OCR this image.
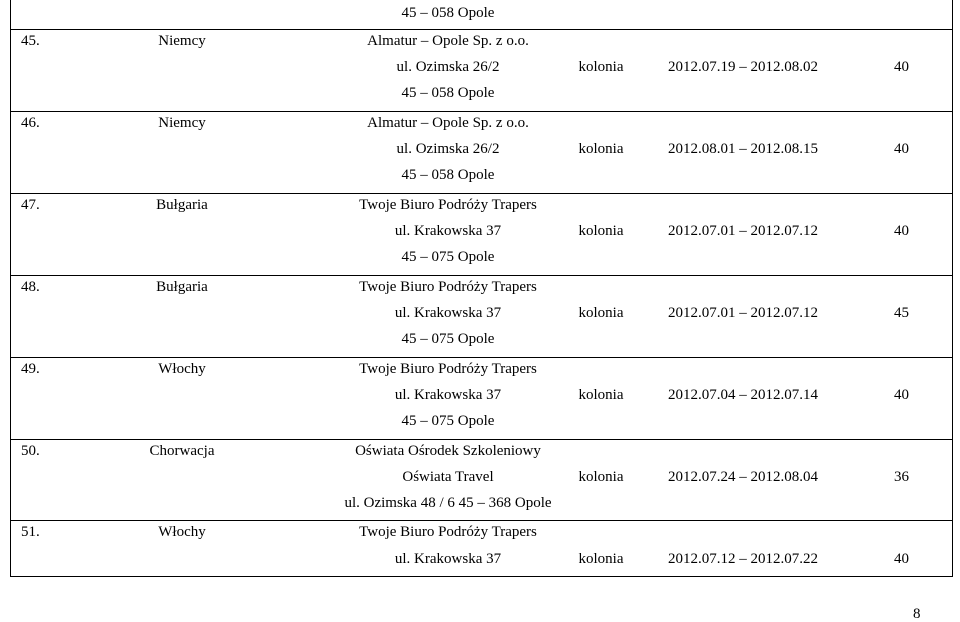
45 – 058 Opole
45.	Niemcy	Almatur – Opole Sp. z o.o.
ul. Ozimska 26/2
45 – 058 Opole
kolonia	2012.07.19 – 2012.08.02	40
46.	Niemcy	Almatur – Opole Sp. z o.o.
ul. Ozimska 26/2
45 – 058 Opole
kolonia	2012.08.01 – 2012.08.15	40
47.	Bułgaria	Twoje Biuro Podróży Trapers
ul. Krakowska 37
45 – 075 Opole
kolonia	2012.07.01 – 2012.07.12	40
48.	Bułgaria	Twoje Biuro Podróży Trapers
ul. Krakowska 37
45 – 075 Opole
kolonia	2012.07.01 – 2012.07.12	45
49.	Włochy	Twoje Biuro Podróży Trapers
ul. Krakowska 37
45 – 075 Opole
kolonia	2012.07.04 – 2012.07.14	40
50.	Chorwacja	Oświata Ośrodek Szkoleniowy
Oświata Travel
ul. Ozimska 48 / 6 45 – 368 Opole
kolonia	2012.07.24 – 2012.08.04	36
51.	Włochy	Twoje Biuro Podróży Trapers
ul. Krakowska 37	kolonia	2012.07.12 – 2012.07.22	40
8
